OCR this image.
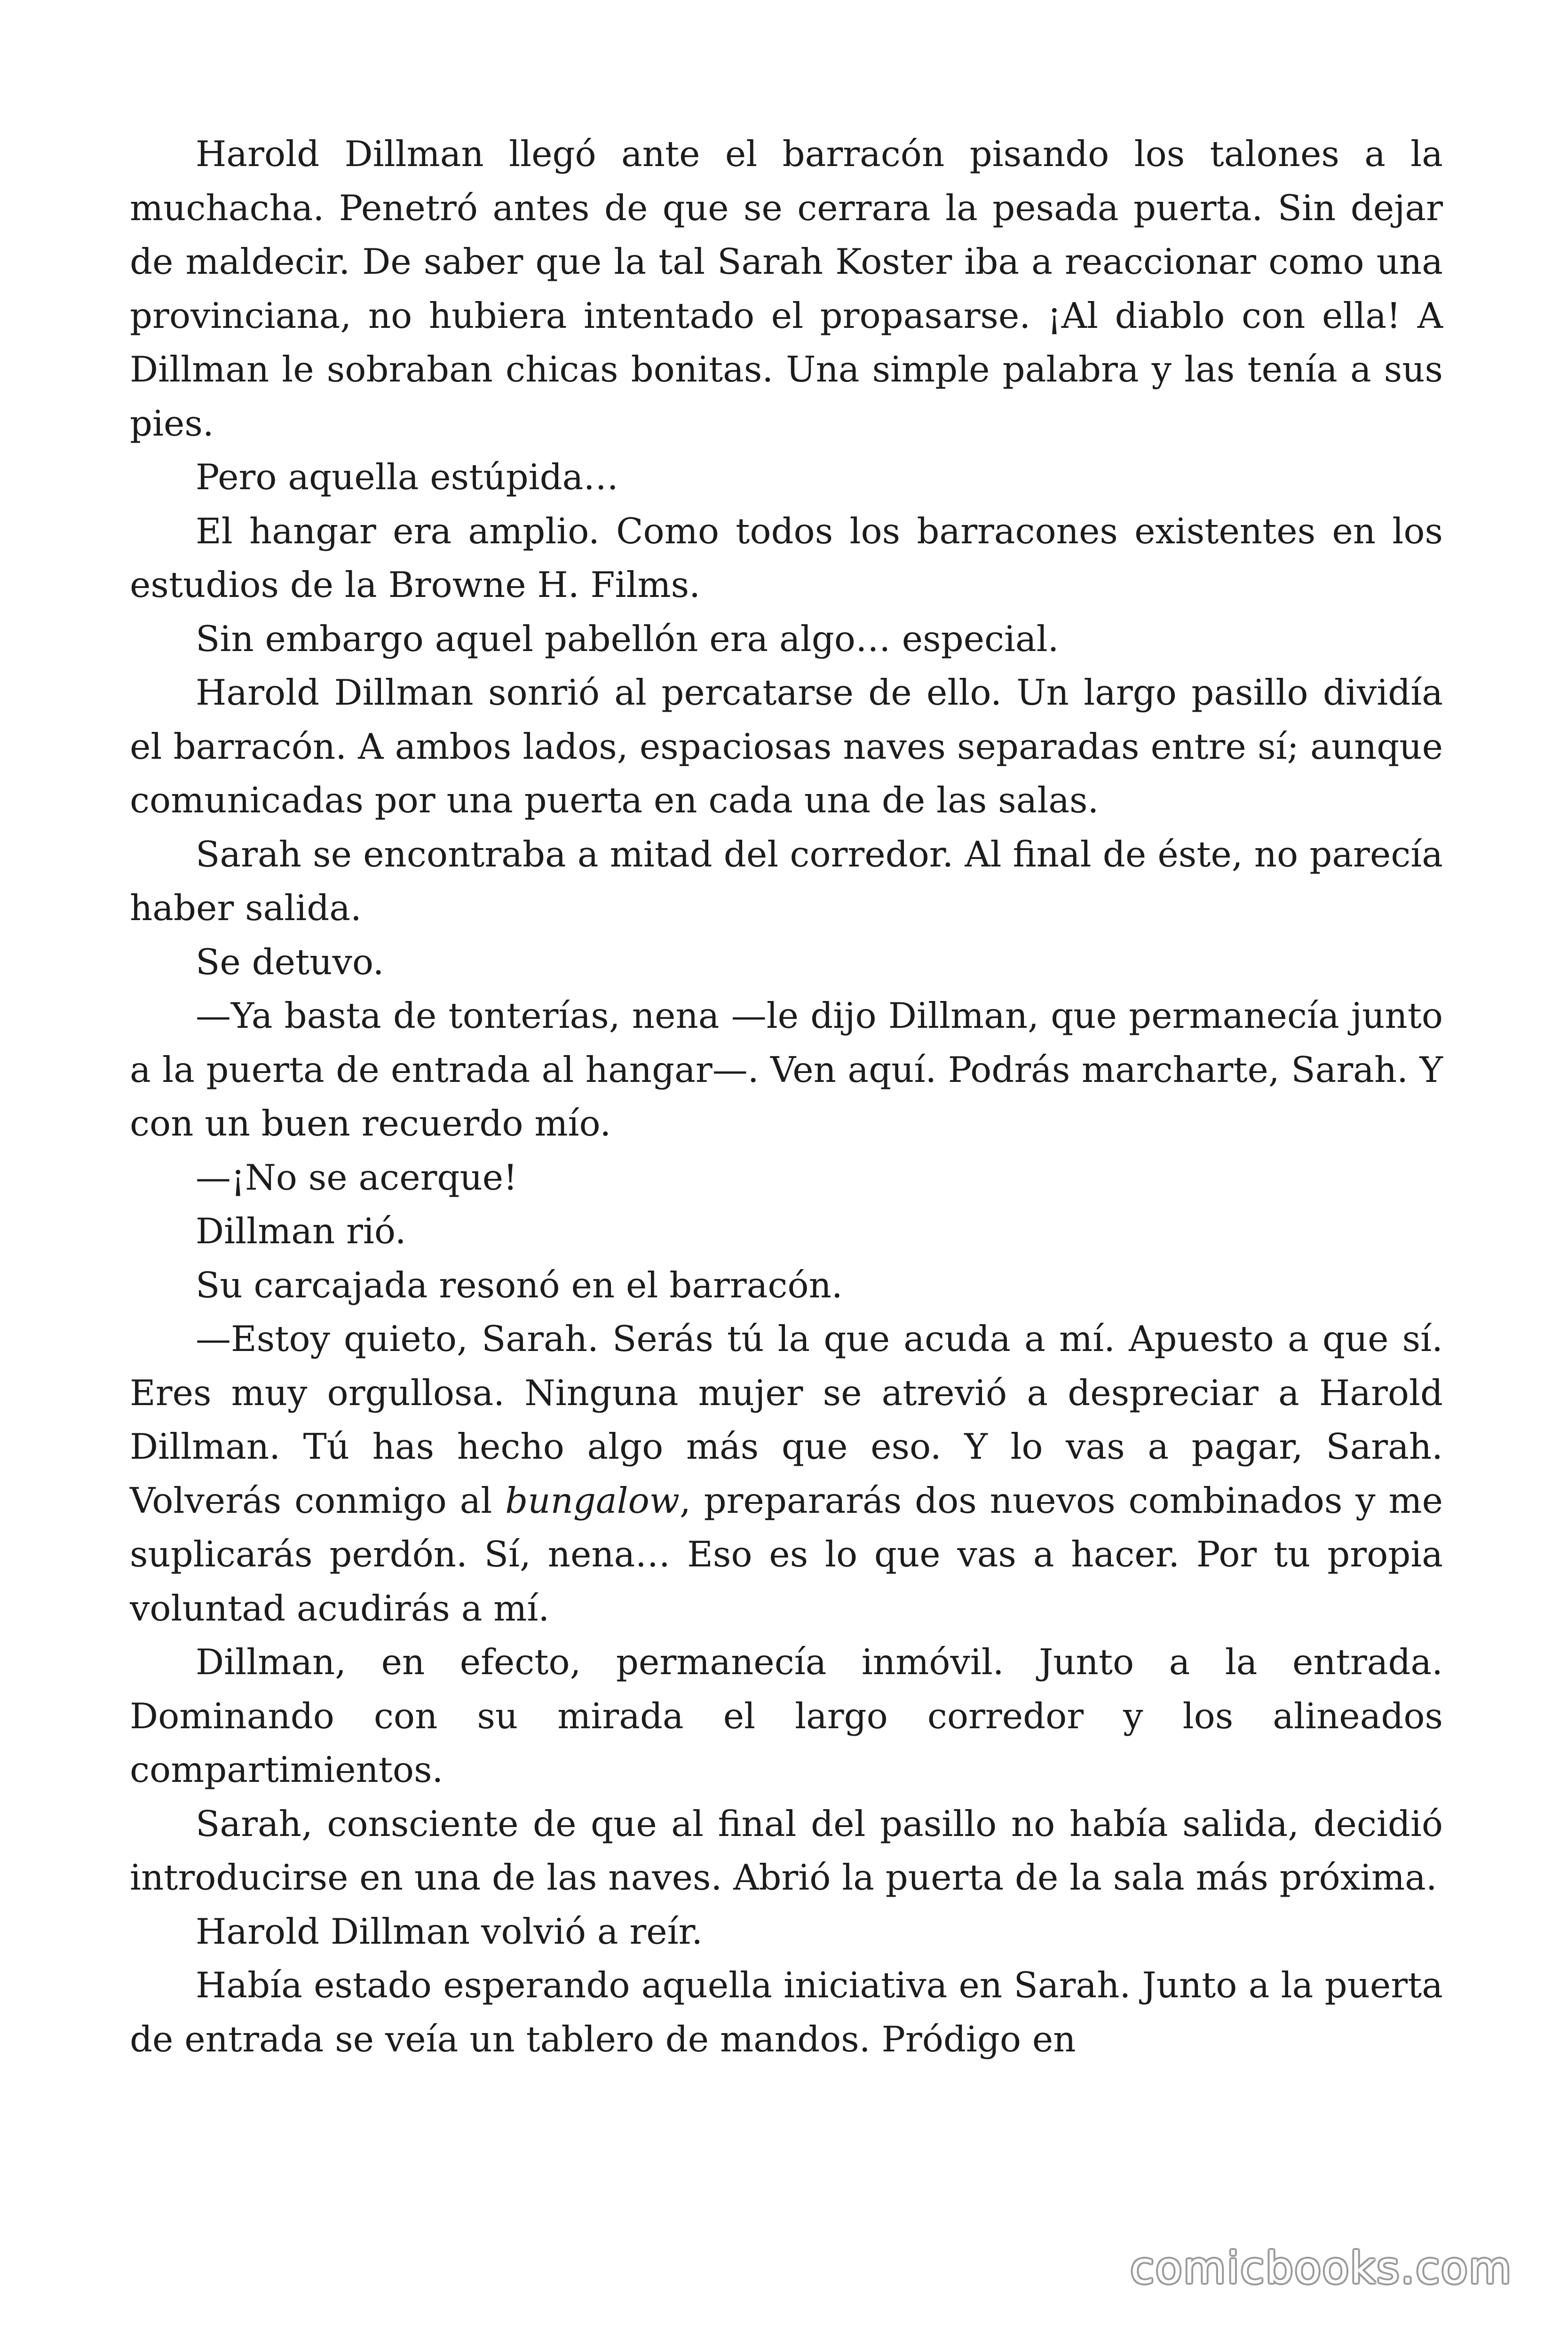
Harold Dillman llegó ante el barracón pisando los talones a la muchacha. Penetró antes de que se cerrara la pesada puerta. Sin dejar de maldecir. De saber que la tal Sarah Koster iba a reaccionar como una provinciana, no hubiera intentado el propasarse. ¡Al diablo con ella! A Dillman le sobraban chicas bonitas. Una simple palabra y las tenía a sus pies.

Pero aquella estúpida…

El hangar era amplio. Como todos los barracones existentes en los estudios de la Browne H. Films.

Sin embargo aquel pabellón era algo… especial.

Harold Dillman sonrió al percatarse de ello. Un largo pasillo dividía el barracón. A ambos lados, espaciosas naves separadas entre sí; aunque comunicadas por una puerta en cada una de las salas.

Sarah se encontraba a mitad del corredor. Al final de éste, no parecía haber salida.

Se detuvo.

—Ya basta de tonterías, nena —le dijo Dillman, que permanecía junto a la puerta de entrada al hangar—. Ven aquí. Podrás marcharte, Sarah. Y con un buen recuerdo mío.

—¡No se acerque!

Dillman rió.

Su carcajada resonó en el barracón.

—Estoy quieto, Sarah. Serás tú la que acuda a mí. Apuesto a que sí. Eres muy orgullosa. Ninguna mujer se atrevió a despreciar a Harold Dillman. Tú has hecho algo más que eso. Y lo vas a pagar, Sarah. Volverás conmigo al bungalow, prepararás dos nuevos combinados y me suplicarás perdón. Sí, nena… Eso es lo que vas a hacer. Por tu propia voluntad acudirás a mí.

Dillman, en efecto, permanecía inmóvil. Junto a la entrada. Dominando con su mirada el largo corredor y los alineados compartimientos.

Sarah, consciente de que al final del pasillo no había salida, decidió introducirse en una de las naves. Abrió la puerta de la sala más próxima.

Harold Dillman volvió a reír.

Había estado esperando aquella iniciativa en Sarah. Junto a la puerta de entrada se veía un tablero de mandos. Pródigo en

comicbooks.com
